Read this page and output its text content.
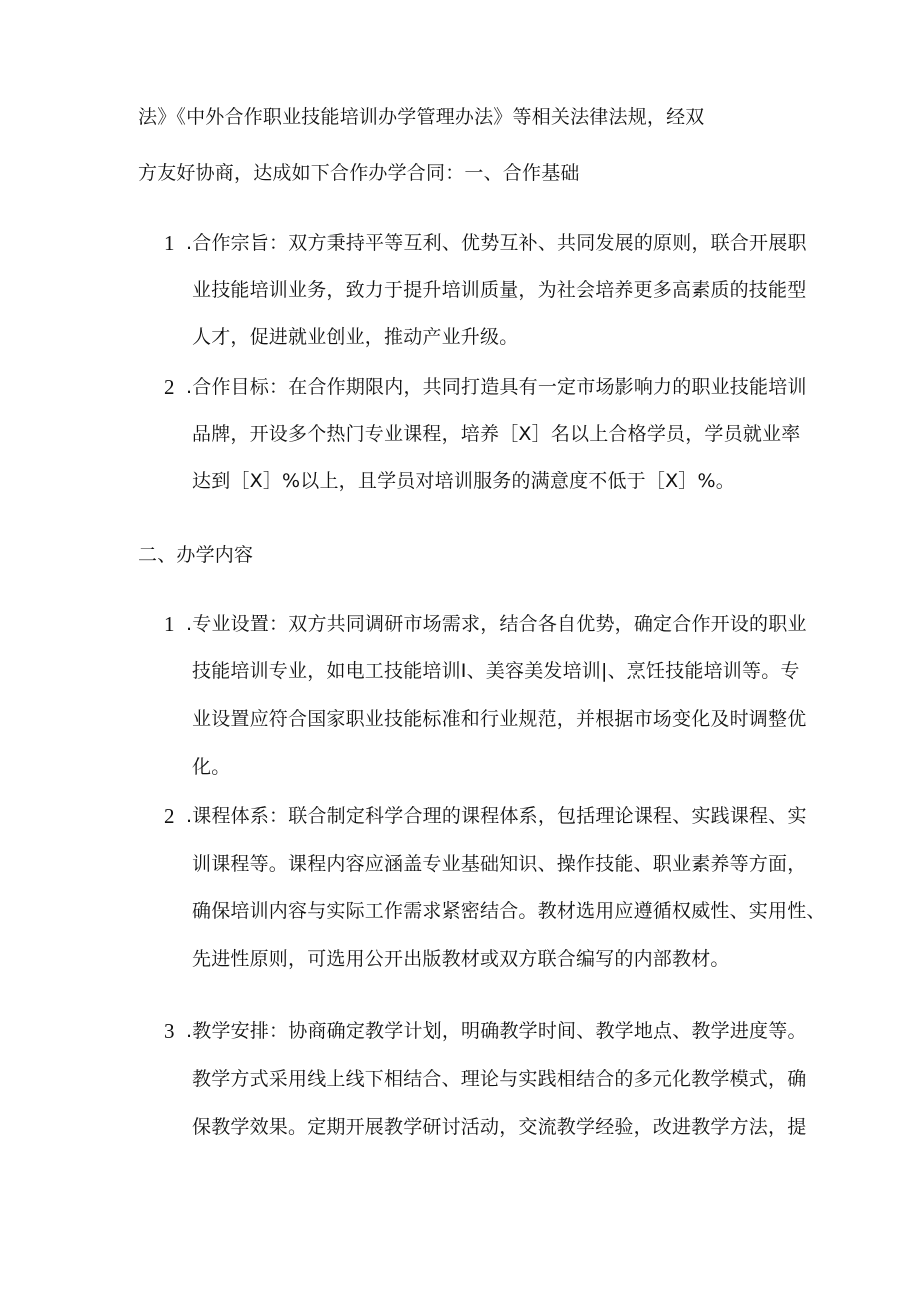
法》《中外合作职业技能培训办学管理办法》等相关法律法规，经双
方友好协商，达成如下合作办学合同：一、合作基础
1 .合作宗旨：双方秉持平等互利、优势互补、共同发展的原则，联合开展职
业技能培训业务，致力于提升培训质量，为社会培养更多高素质的技能型
人才，促进就业创业，推动产业升级。
2 .合作目标：在合作期限内，共同打造具有一定市场影响力的职业技能培训
品牌，开设多个热门专业课程，培养［X］名以上合格学员，学员就业率
达到［X］%以上，且学员对培训服务的满意度不低于［X］%。
二、办学内容
1 .专业设置：双方共同调研市场需求，结合各自优势，确定合作开设的职业
技能培训专业，如电工技能培训Ⅰ、美容美发培训|、烹饪技能培训等。专
业设置应符合国家职业技能标准和行业规范，并根据市场变化及时调整优
化。
2 .课程体系：联合制定科学合理的课程体系，包括理论课程、实践课程、实
训课程等。课程内容应涵盖专业基础知识、操作技能、职业素养等方面，
确保培训内容与实际工作需求紧密结合。教材选用应遵循权威性、实用性、
先进性原则，可选用公开出版教材或双方联合编写的内部教材。
3 .教学安排：协商确定教学计划，明确教学时间、教学地点、教学进度等。
教学方式采用线上线下相结合、理论与实践相结合的多元化教学模式，确
保教学效果。定期开展教学研讨活动，交流教学经验，改进教学方法，提
